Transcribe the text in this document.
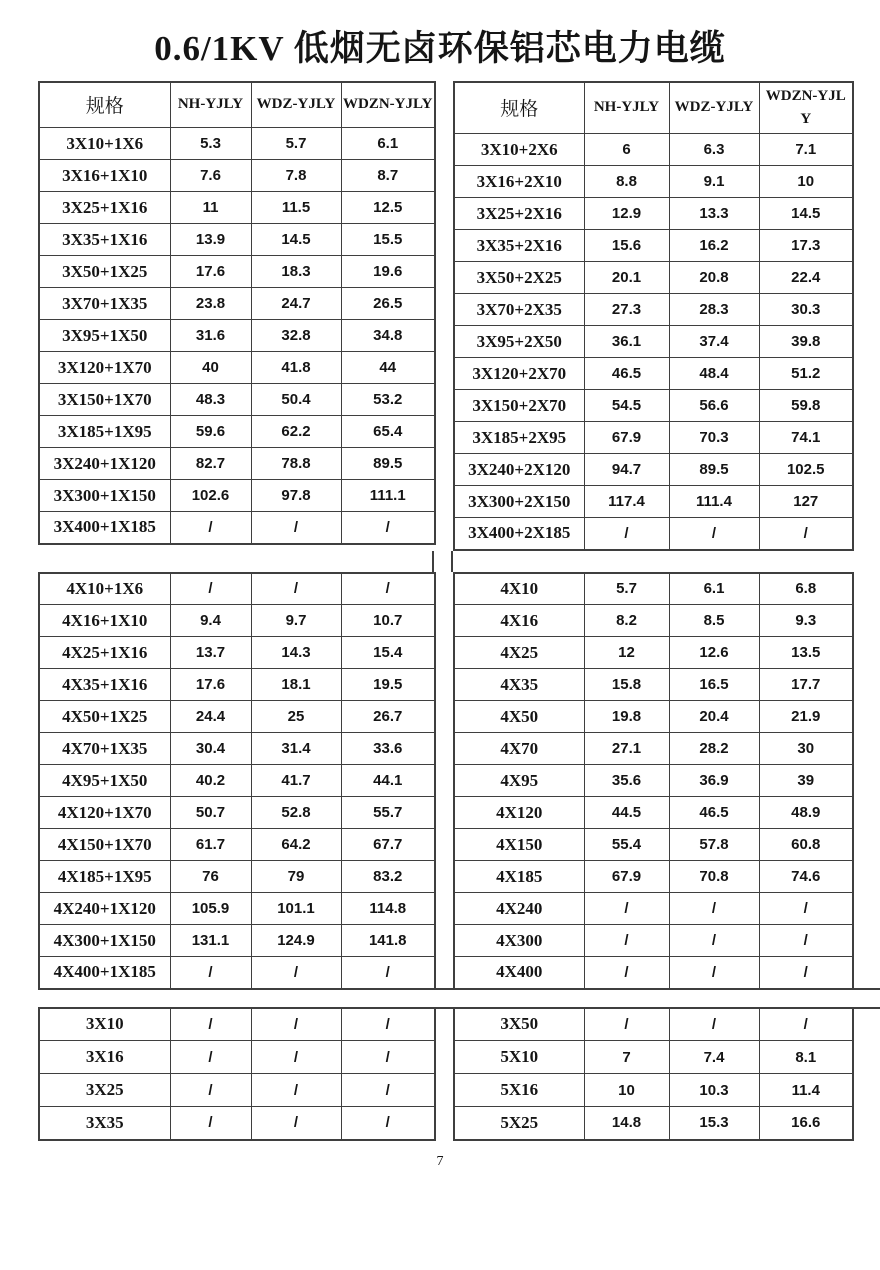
0.6/1KV 低烟无卤环保铝芯电力电缆
规格	NH-YJLY	WDZ-YJLY	WDZN-YJLY
3X10+1X6	5.3	5.7	6.1
3X16+1X10	7.6	7.8	8.7
3X25+1X16	11	11.5	12.5
3X35+1X16	13.9	14.5	15.5
3X50+1X25	17.6	18.3	19.6
3X70+1X35	23.8	24.7	26.5
3X95+1X50	31.6	32.8	34.8
3X120+1X70	40	41.8	44
3X150+1X70	48.3	50.4	53.2
3X185+1X95	59.6	62.2	65.4
3X240+1X120	82.7	78.8	89.5
3X300+1X150	102.6	97.8	111.1
3X400+1X185	/	/	/
规格	NH-YJLY	WDZ-YJLY	WDZN-YJLY
3X10+2X6	6	6.3	7.1
3X16+2X10	8.8	9.1	10
3X25+2X16	12.9	13.3	14.5
3X35+2X16	15.6	16.2	17.3
3X50+2X25	20.1	20.8	22.4
3X70+2X35	27.3	28.3	30.3
3X95+2X50	36.1	37.4	39.8
3X120+2X70	46.5	48.4	51.2
3X150+2X70	54.5	56.6	59.8
3X185+2X95	67.9	70.3	74.1
3X240+2X120	94.7	89.5	102.5
3X300+2X150	117.4	111.4	127
3X400+2X185	/	/	/
4X10+1X6	/	/	/
4X16+1X10	9.4	9.7	10.7
4X25+1X16	13.7	14.3	15.4
4X35+1X16	17.6	18.1	19.5
4X50+1X25	24.4	25	26.7
4X70+1X35	30.4	31.4	33.6
4X95+1X50	40.2	41.7	44.1
4X120+1X70	50.7	52.8	55.7
4X150+1X70	61.7	64.2	67.7
4X185+1X95	76	79	83.2
4X240+1X120	105.9	101.1	114.8
4X300+1X150	131.1	124.9	141.8
4X400+1X185	/	/	/
4X10	5.7	6.1	6.8
4X16	8.2	8.5	9.3
4X25	12	12.6	13.5
4X35	15.8	16.5	17.7
4X50	19.8	20.4	21.9
4X70	27.1	28.2	30
4X95	35.6	36.9	39
4X120	44.5	46.5	48.9
4X150	55.4	57.8	60.8
4X185	67.9	70.8	74.6
4X240	/	/	/
4X300	/	/	/
4X400	/	/	/
3X10	/	/	/
3X16	/	/	/
3X25	/	/	/
3X35	/	/	/
3X50	/	/	/
5X10	7	7.4	8.1
5X16	10	10.3	11.4
5X25	14.8	15.3	16.6
7
